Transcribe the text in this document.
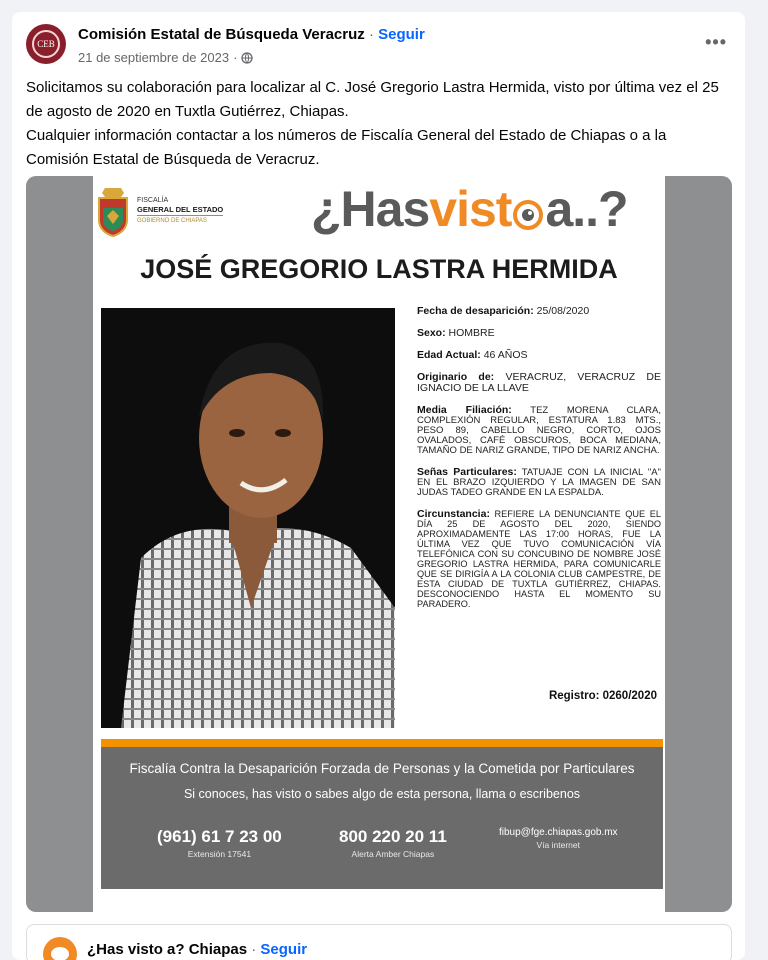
CEB
Comisión Estatal de Búsqueda Veracruz · Seguir
21 de septiembre de 2023 ·
•••
Solicitamos su colaboración para localizar al C. José Gregorio Lastra Hermida, visto por última vez el 25 de agosto de 2020 en Tuxtla Gutiérrez, Chiapas.
Cualquier información contactar a los números de Fiscalía General del Estado de Chiapas o a la Comisión Estatal de Búsqueda de Veracruz.
FISCALÍA
GENERAL DEL ESTADO
GOBIERNO DE CHIAPAS	¿Hasvist a..?
JOSÉ GREGORIO LASTRA HERMIDA

Fecha de desaparición: 25/08/2020

Sexo: HOMBRE

Edad Actual: 46 AÑOS

Originario de: VERACRUZ, VERACRUZ DE IGNACIO DE LA LLAVE

Media Filiación: TEZ MORENA CLARA, COMPLEXIÓN REGULAR, ESTATURA 1.83 MTS., PESO 89, CABELLO NEGRO, CORTO, OJOS OVALADOS, CAFÉ OBSCUROS, BOCA MEDIANA, TAMAÑO DE NARIZ GRANDE, TIPO DE NARIZ ANCHA.

Señas Particulares: TATUAJE CON LA INICIAL "A" EN EL BRAZO IZQUIERDO Y LA IMAGEN DE SAN JUDAS TADEO GRANDE EN LA ESPALDA.

Circunstancia: REFIERE LA DENUNCIANTE QUE EL DÍA 25 DE AGOSTO DEL 2020, SIENDO APROXIMADAMENTE LAS 17:00 HORAS, FUE LA ÚLTIMA VEZ QUE TUVO COMUNICACIÓN VÍA TELEFÓNICA CON SU CONCUBINO DE NOMBRE JOSÉ GREGORIO LASTRA HERMIDA, PARA COMUNICARLE QUE SE DIRIGÍA A LA COLONIA CLUB CAMPESTRE, DE ESTA CIUDAD DE TUXTLA GUTIÉRREZ, CHIAPAS. DESCONOCIENDO HASTA EL MOMENTO SU PARADERO.

Registro: 0260/2020
Fiscalía Contra la Desaparición Forzada de Personas y la Cometida por Particulares
Si conoces, has visto o sabes algo de esta persona, llama o escribenos
(961) 61 7 23 00
Extensión 17541
800 220 20 11
Alerta Amber Chiapas
fibup@fge.chiapas.gob.mx
Vía internet
¿Has visto a? Chiapas · Seguir
